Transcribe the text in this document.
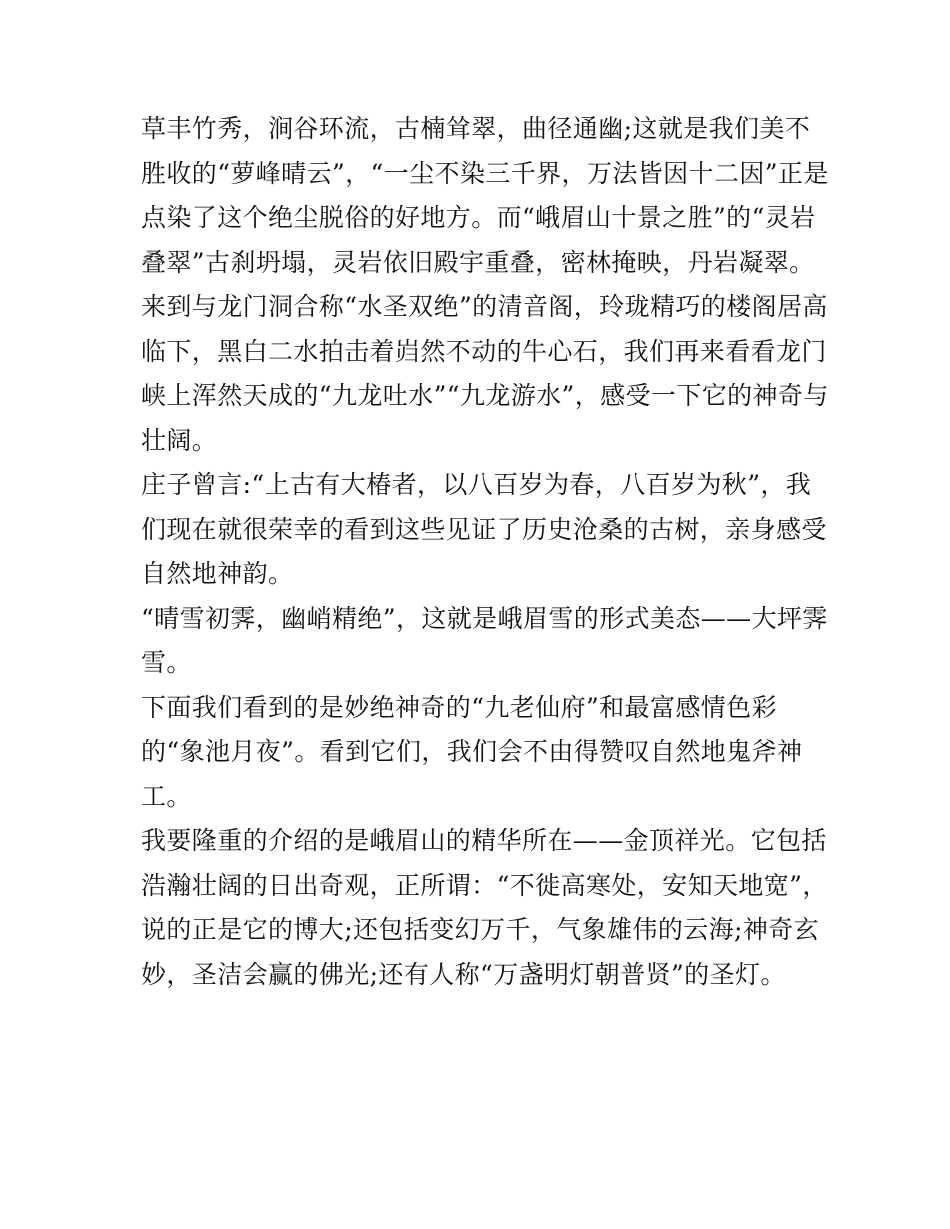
草丰竹秀，涧谷环流，古楠耸翠，曲径通幽;这就是我们美不
胜收的“萝峰晴云”，“一尘不染三千界，万法皆因十二因”正是
点染了这个绝尘脱俗的好地方。而“峨眉山十景之胜”的“灵岩
叠翠”古刹坍塌，灵岩依旧殿宇重叠，密林掩映，丹岩凝翠。
来到与龙门洞合称“水圣双绝”的清音阁，玲珑精巧的楼阁居高
临下，黑白二水拍击着岿然不动的牛心石，我们再来看看龙门
峡上浑然天成的“九龙吐水”“九龙游水”，感受一下它的神奇与
壮阔。
庄子曾言:“上古有大椿者，以八百岁为春，八百岁为秋”，我
们现在就很荣幸的看到这些见证了历史沧桑的古树，亲身感受
自然地神韵。
“晴雪初霁，幽峭精绝”，这就是峨眉雪的形式美态——大坪霁
雪。
下面我们看到的是妙绝神奇的“九老仙府”和最富感情色彩
的“象池月夜”。看到它们，我们会不由得赞叹自然地鬼斧神
工。
我要隆重的介绍的是峨眉山的精华所在——金顶祥光。它包括
浩瀚壮阔的日出奇观，正所谓：“不徙高寒处，安知天地宽”，
说的正是它的博大;还包括变幻万千，气象雄伟的云海;神奇玄
妙，圣洁会赢的佛光;还有人称“万盏明灯朝普贤”的圣灯。
